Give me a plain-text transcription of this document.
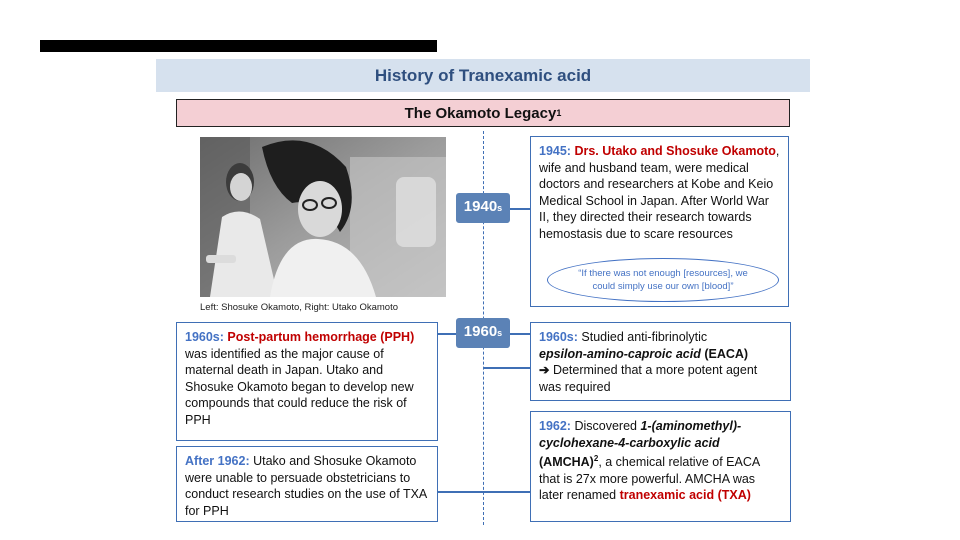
History of Tranexamic acid
The Okamoto Legacy 1
Left: Shosuke Okamoto, Right: Utako Okamoto
1940 s
1960 s
1945: Drs. Utako and Shosuke Okamoto, wife and husband team, were medical doctors and researchers at Kobe and Keio Medical School in Japan. After World War II, they directed their research towards hemostasis due to scare resources
“If there was not enough [resources], we could simply use our own [blood]”
1960s: Post-partum hemorrhage (PPH) was identified as the major cause of maternal death in Japan. Utako and Shosuke Okamoto began to develop new compounds that could reduce the risk of PPH
1960s: Studied anti-fibrinolytic
epsilon-amino-caproic acid (EACA)
➔ Determined that a more potent agent was required
After 1962: Utako and Shosuke Okamoto were unable to persuade obstetricians to conduct research studies on the use of TXA for PPH
1962: Discovered 1-(aminomethyl)-cyclohexane-4-carboxylic acid (AMCHA)$^2$, a chemical relative of EACA that is 27x more powerful. AMCHA was later renamed tranexamic acid (TXA)
